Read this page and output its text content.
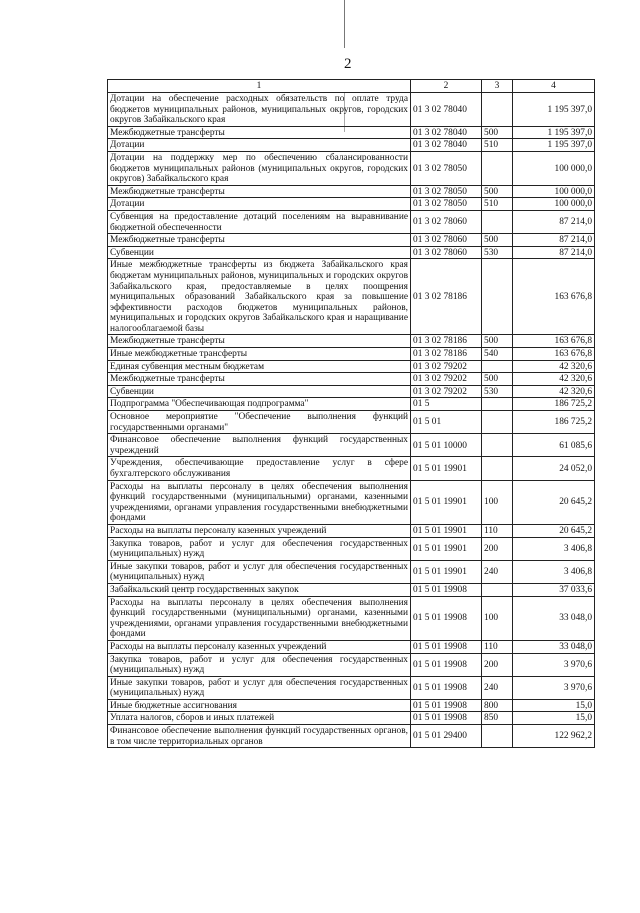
2
1	2	3	4
Дотации на обеспечение расходных обязательств по оплате труда бюджетов муниципальных районов, муниципальных округов, городских округов Забайкальского края	01 3 02 78040		1 195 397,0
Межбюджетные трансферты	01 3 02 78040	500	1 195 397,0
Дотации	01 3 02 78040	510	1 195 397,0
Дотации на поддержку мер по обеспечению сбалансированности бюджетов муниципальных районов (муниципальных округов, городских округов) Забайкальского края	01 3 02 78050		100 000,0
Межбюджетные трансферты	01 3 02 78050	500	100 000,0
Дотации	01 3 02 78050	510	100 000,0
Субвенция на предоставление дотаций поселениям на выравнивание бюджетной обеспеченности	01 3 02 78060		87 214,0
Межбюджетные трансферты	01 3 02 78060	500	87 214,0
Субвенции	01 3 02 78060	530	87 214,0
Иные межбюджетные трансферты из бюджета Забайкальского края бюджетам муниципальных районов, муниципальных и городских округов Забайкальского края, предоставляемые в целях поощрения муниципальных образований Забайкальского края за повышение эффективности расходов бюджетов муниципальных районов, муниципальных и городских округов Забайкальского края и наращивание налогооблагаемой базы	01 3 02 78186		163 676,8
Межбюджетные трансферты	01 3 02 78186	500	163 676,8
Иные межбюджетные трансферты	01 3 02 78186	540	163 676,8
Единая субвенция местным бюджетам	01 3 02 79202		42 320,6
Межбюджетные трансферты	01 3 02 79202	500	42 320,6
Субвенции	01 3 02 79202	530	42 320,6
Подпрограмма "Обеспечивающая подпрограмма"	01 5		186 725,2
Основное мероприятие "Обеспечение выполнения функций государственными органами"	01 5 01		186 725,2
Финансовое обеспечение выполнения функций государственных учреждений	01 5 01 10000		61 085,6
Учреждения, обеспечивающие предоставление услуг в сфере бухгалтерского обслуживания	01 5 01 19901		24 052,0
Расходы на выплаты персоналу в целях обеспечения выполнения функций государственными (муниципальными) органами, казенными учреждениями, органами управления государственными внебюджетными фондами	01 5 01 19901	100	20 645,2
Расходы на выплаты персоналу казенных учреждений	01 5 01 19901	110	20 645,2
Закупка товаров, работ и услуг для обеспечения государственных (муниципальных) нужд	01 5 01 19901	200	3 406,8
Иные закупки товаров, работ и услуг для обеспечения государственных (муниципальных) нужд	01 5 01 19901	240	3 406,8
Забайкальский центр государственных закупок	01 5 01 19908		37 033,6
Расходы на выплаты персоналу в целях обеспечения выполнения функций государственными (муниципальными) органами, казенными учреждениями, органами управления государственными внебюджетными фондами	01 5 01 19908	100	33 048,0
Расходы на выплаты персоналу казенных учреждений	01 5 01 19908	110	33 048,0
Закупка товаров, работ и услуг для обеспечения государственных (муниципальных) нужд	01 5 01 19908	200	3 970,6
Иные закупки товаров, работ и услуг для обеспечения государственных (муниципальных) нужд	01 5 01 19908	240	3 970,6
Иные бюджетные ассигнования	01 5 01 19908	800	15,0
Уплата налогов, сборов и иных платежей	01 5 01 19908	850	15,0
Финансовое обеспечение выполнения функций государственных органов, в том числе территориальных органов	01 5 01 29400		122 962,2
